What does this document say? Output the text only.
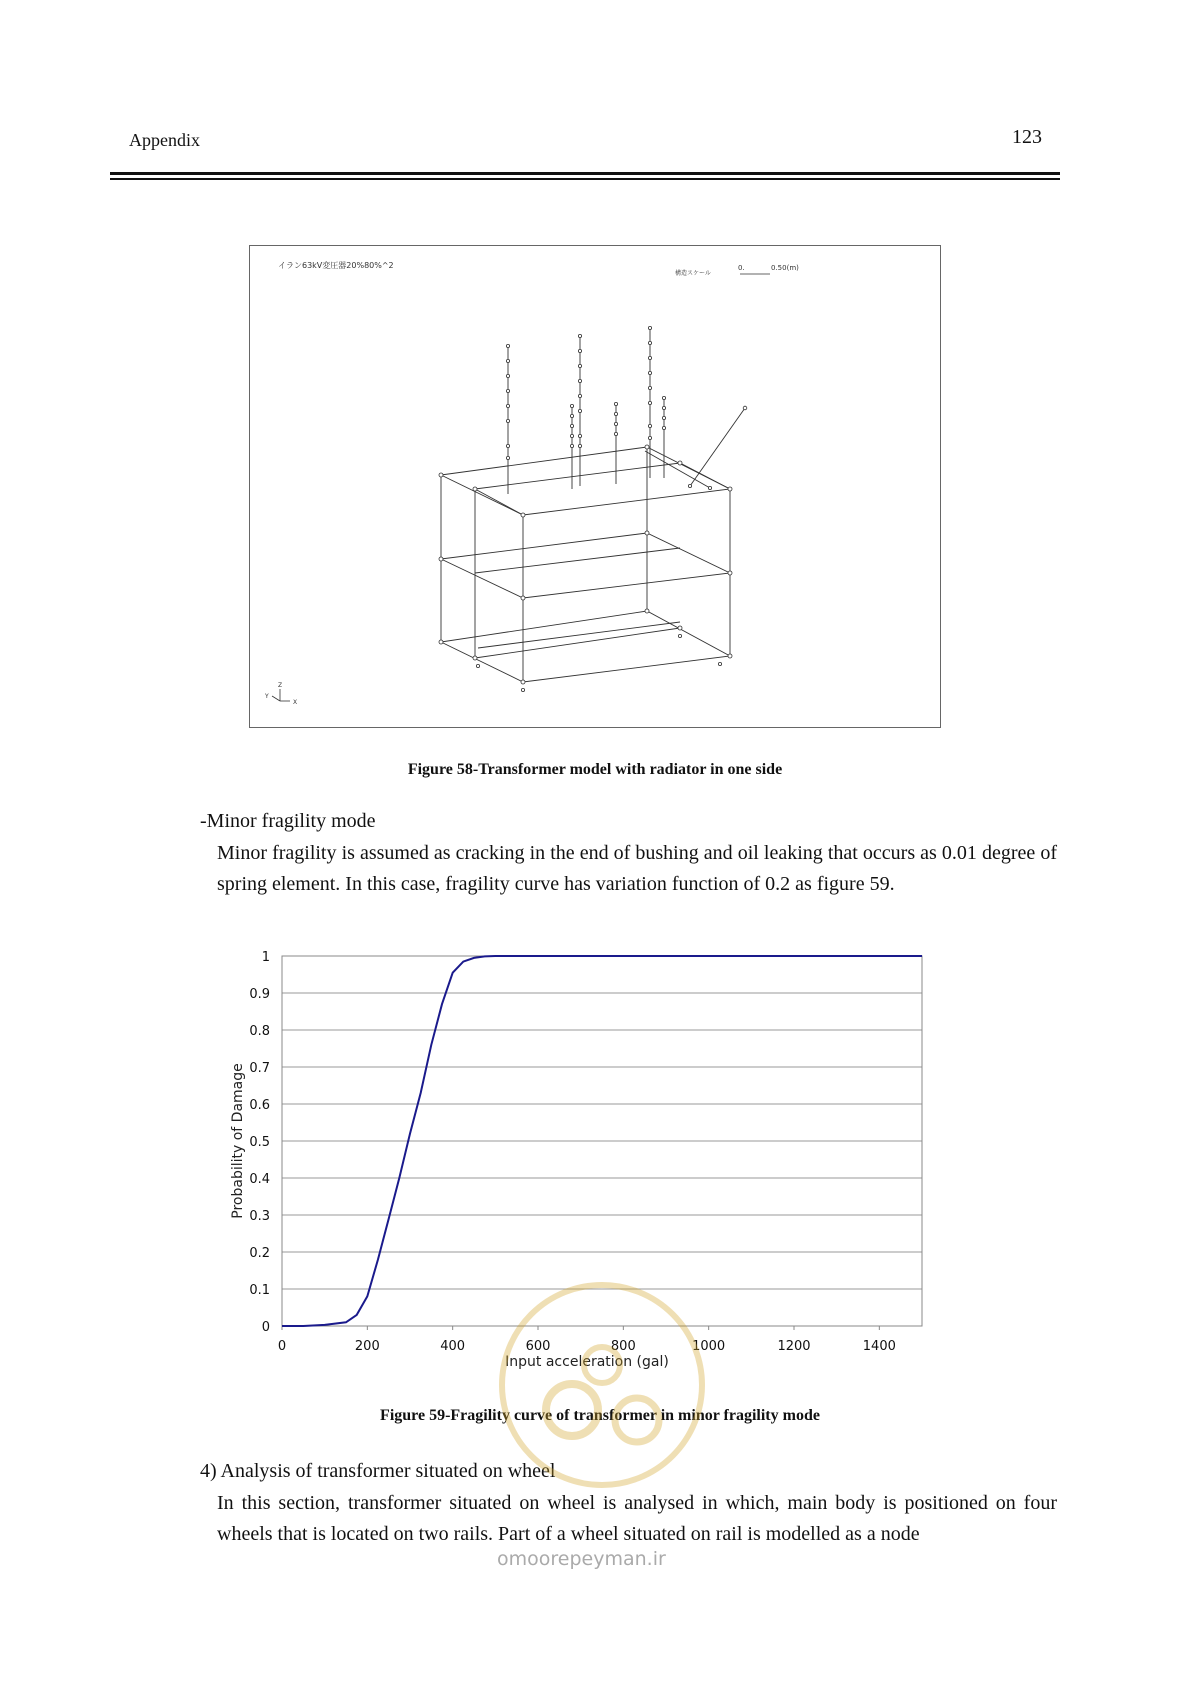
Appendix	123
イラン63kV変圧器20%80%^2
構造スケール
0.	0.50(m)
Z
Y
X
Figure 58-Transformer model with radiator in one side
-Minor fragility mode
Minor fragility is assumed as cracking in the end of bushing and oil leaking that occurs as 0.01 degree of spring element. In this case, fragility curve has variation function of 0.2 as figure 59.
0
0.1
0.2
0.3
0.4
0.5
0.6
0.7
0.8
0.9
1
0	200	400	600	800	1000	1200	1400
Probability of Damage
Input acceleration (gal)
Figure 59-Fragility curve of transformer in minor fragility mode
4) Analysis of transformer situated on wheel
In this section, transformer situated on wheel is analysed in which, main body is positioned on four wheels that is located on two rails. Part of a wheel situated on rail is modelled as a node
omoorepeyman.ir
